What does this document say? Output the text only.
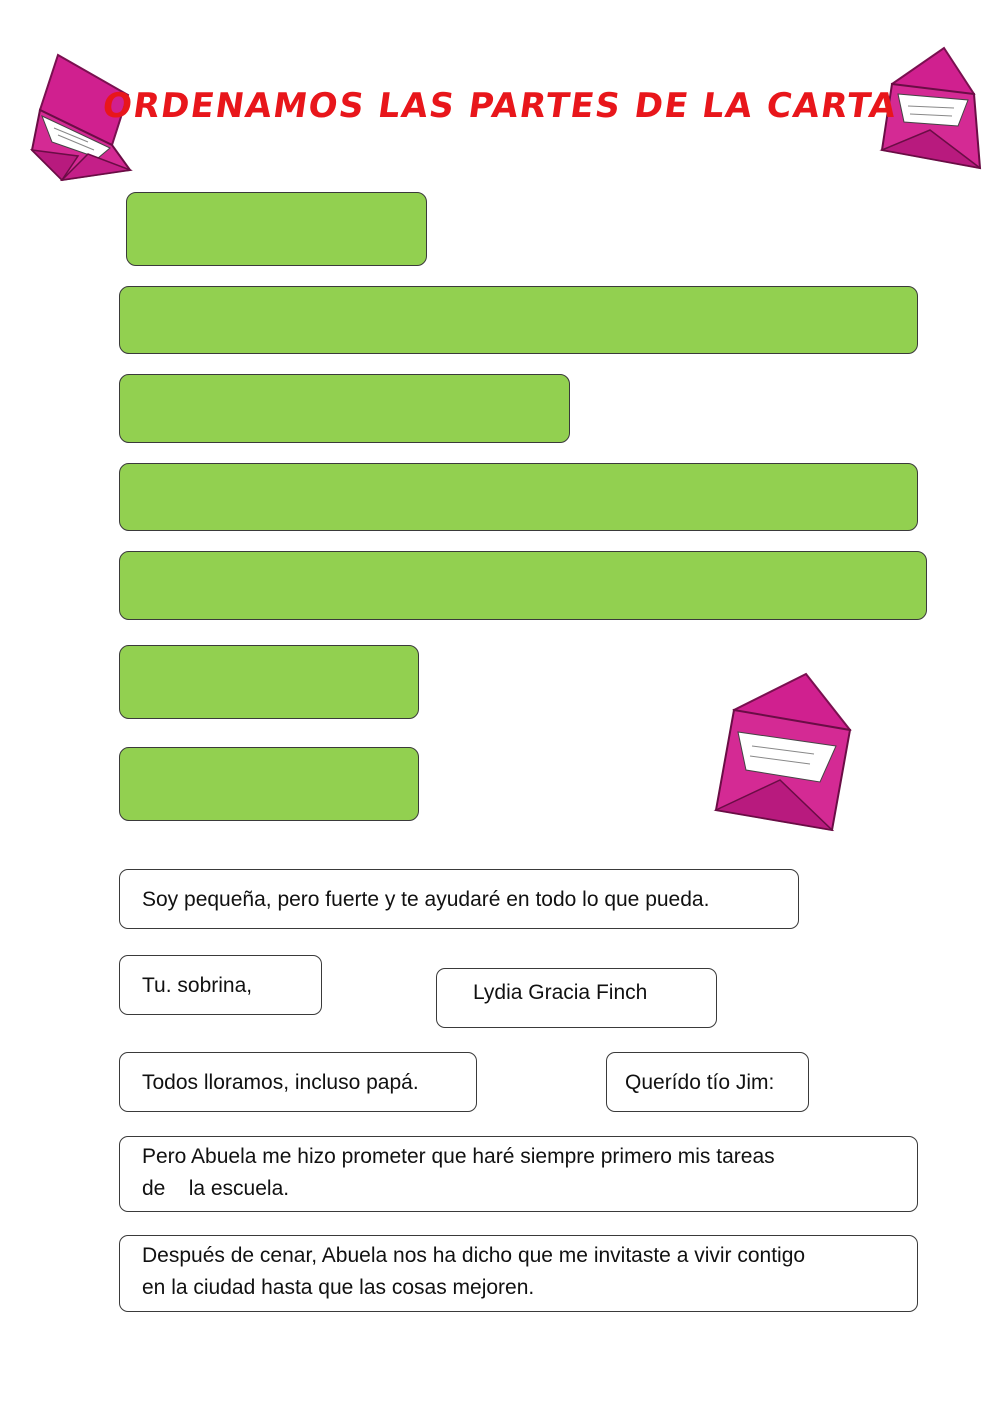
ORDENAMOS LAS PARTES DE LA CARTA
Soy pequeña, pero fuerte y te ayudaré en todo lo que pueda.
Tu. sobrina,	Lydia Gracia Finch
Todos lloramos, incluso papá.	Querído tío Jim:
Pero Abuela me hizo prometer que haré siempre primero mis tareas
de    la escuela.
Después de cenar, Abuela nos ha dicho que me invitaste a vivir contigo
en la ciudad hasta que las cosas mejoren.
